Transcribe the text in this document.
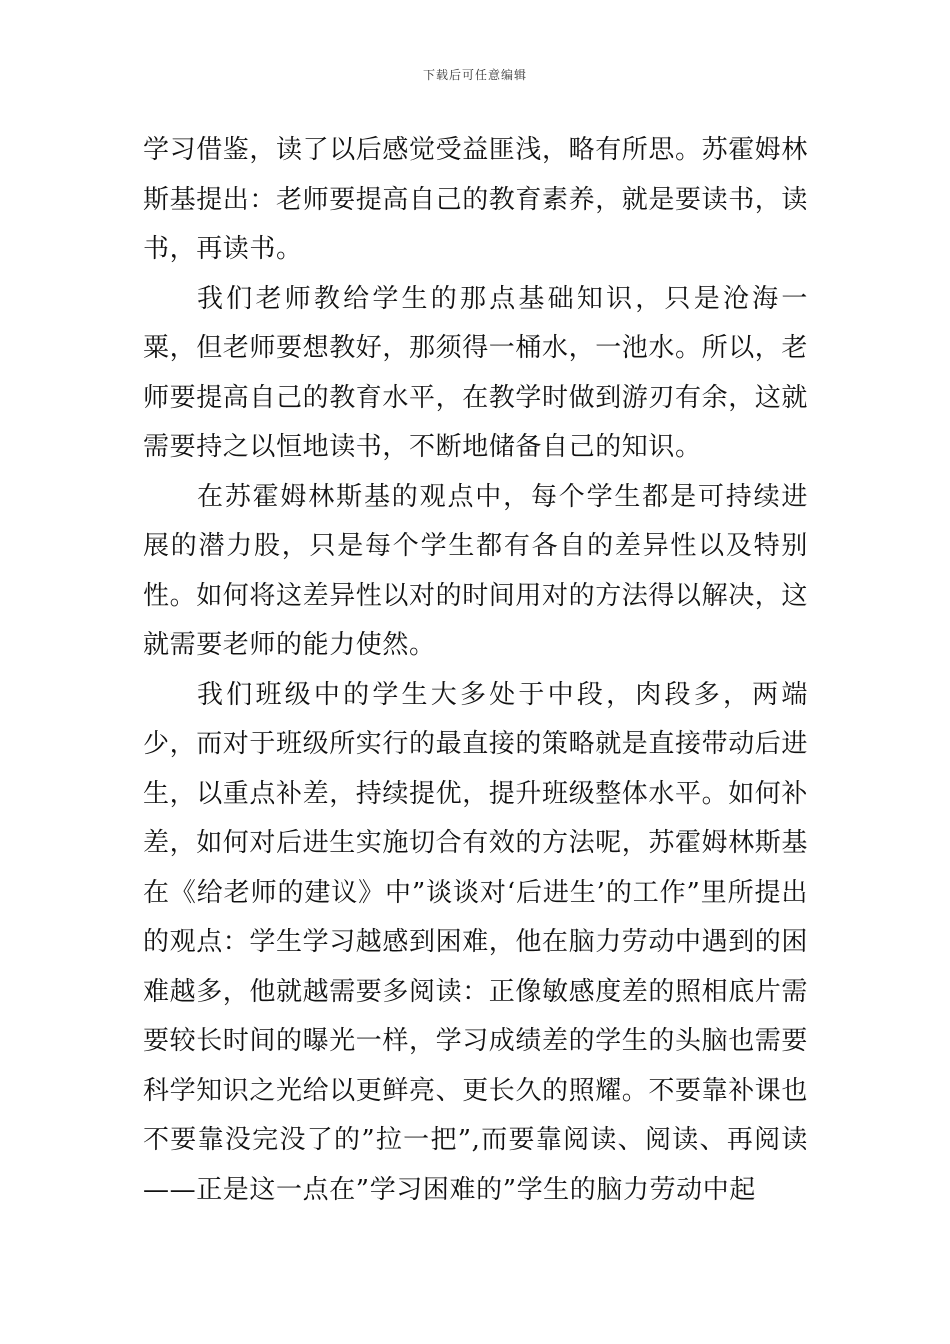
下载后可任意编辑

学习借鉴，读了以后感觉受益匪浅，略有所思。苏霍姆林斯基提出：老师要提高自己的教育素养，就是要读书，读书，再读书。

我们老师教给学生的那点基础知识，只是沧海一粟，但老师要想教好，那须得一桶水，一池水。所以，老师要提高自己的教育水平，在教学时做到游刃有余，这就需要持之以恒地读书，不断地储备自己的知识。

在苏霍姆林斯基的观点中，每个学生都是可持续进展的潜力股，只是每个学生都有各自的差异性以及特别性。如何将这差异性以对的时间用对的方法得以解决，这就需要老师的能力使然。

我们班级中的学生大多处于中段，肉段多，两端少，而对于班级所实行的最直接的策略就是直接带动后进生，以重点补差，持续提优，提升班级整体水平。如何补差，如何对后进生实施切合有效的方法呢，苏霍姆林斯基在《给老师的建议》中”谈谈对‘后进生’的工作”里所提出的观点：学生学习越感到困难，他在脑力劳动中遇到的困难越多，他就越需要多阅读：正像敏感度差的照相底片需要较长时间的曝光一样，学习成绩差的学生的头脑也需要科学知识之光给以更鲜亮、更长久的照耀。不要靠补课也不要靠没完没了的”拉一把”,而要靠阅读、阅读、再阅读——正是这一点在”学习困难的”学生的脑力劳动中起
